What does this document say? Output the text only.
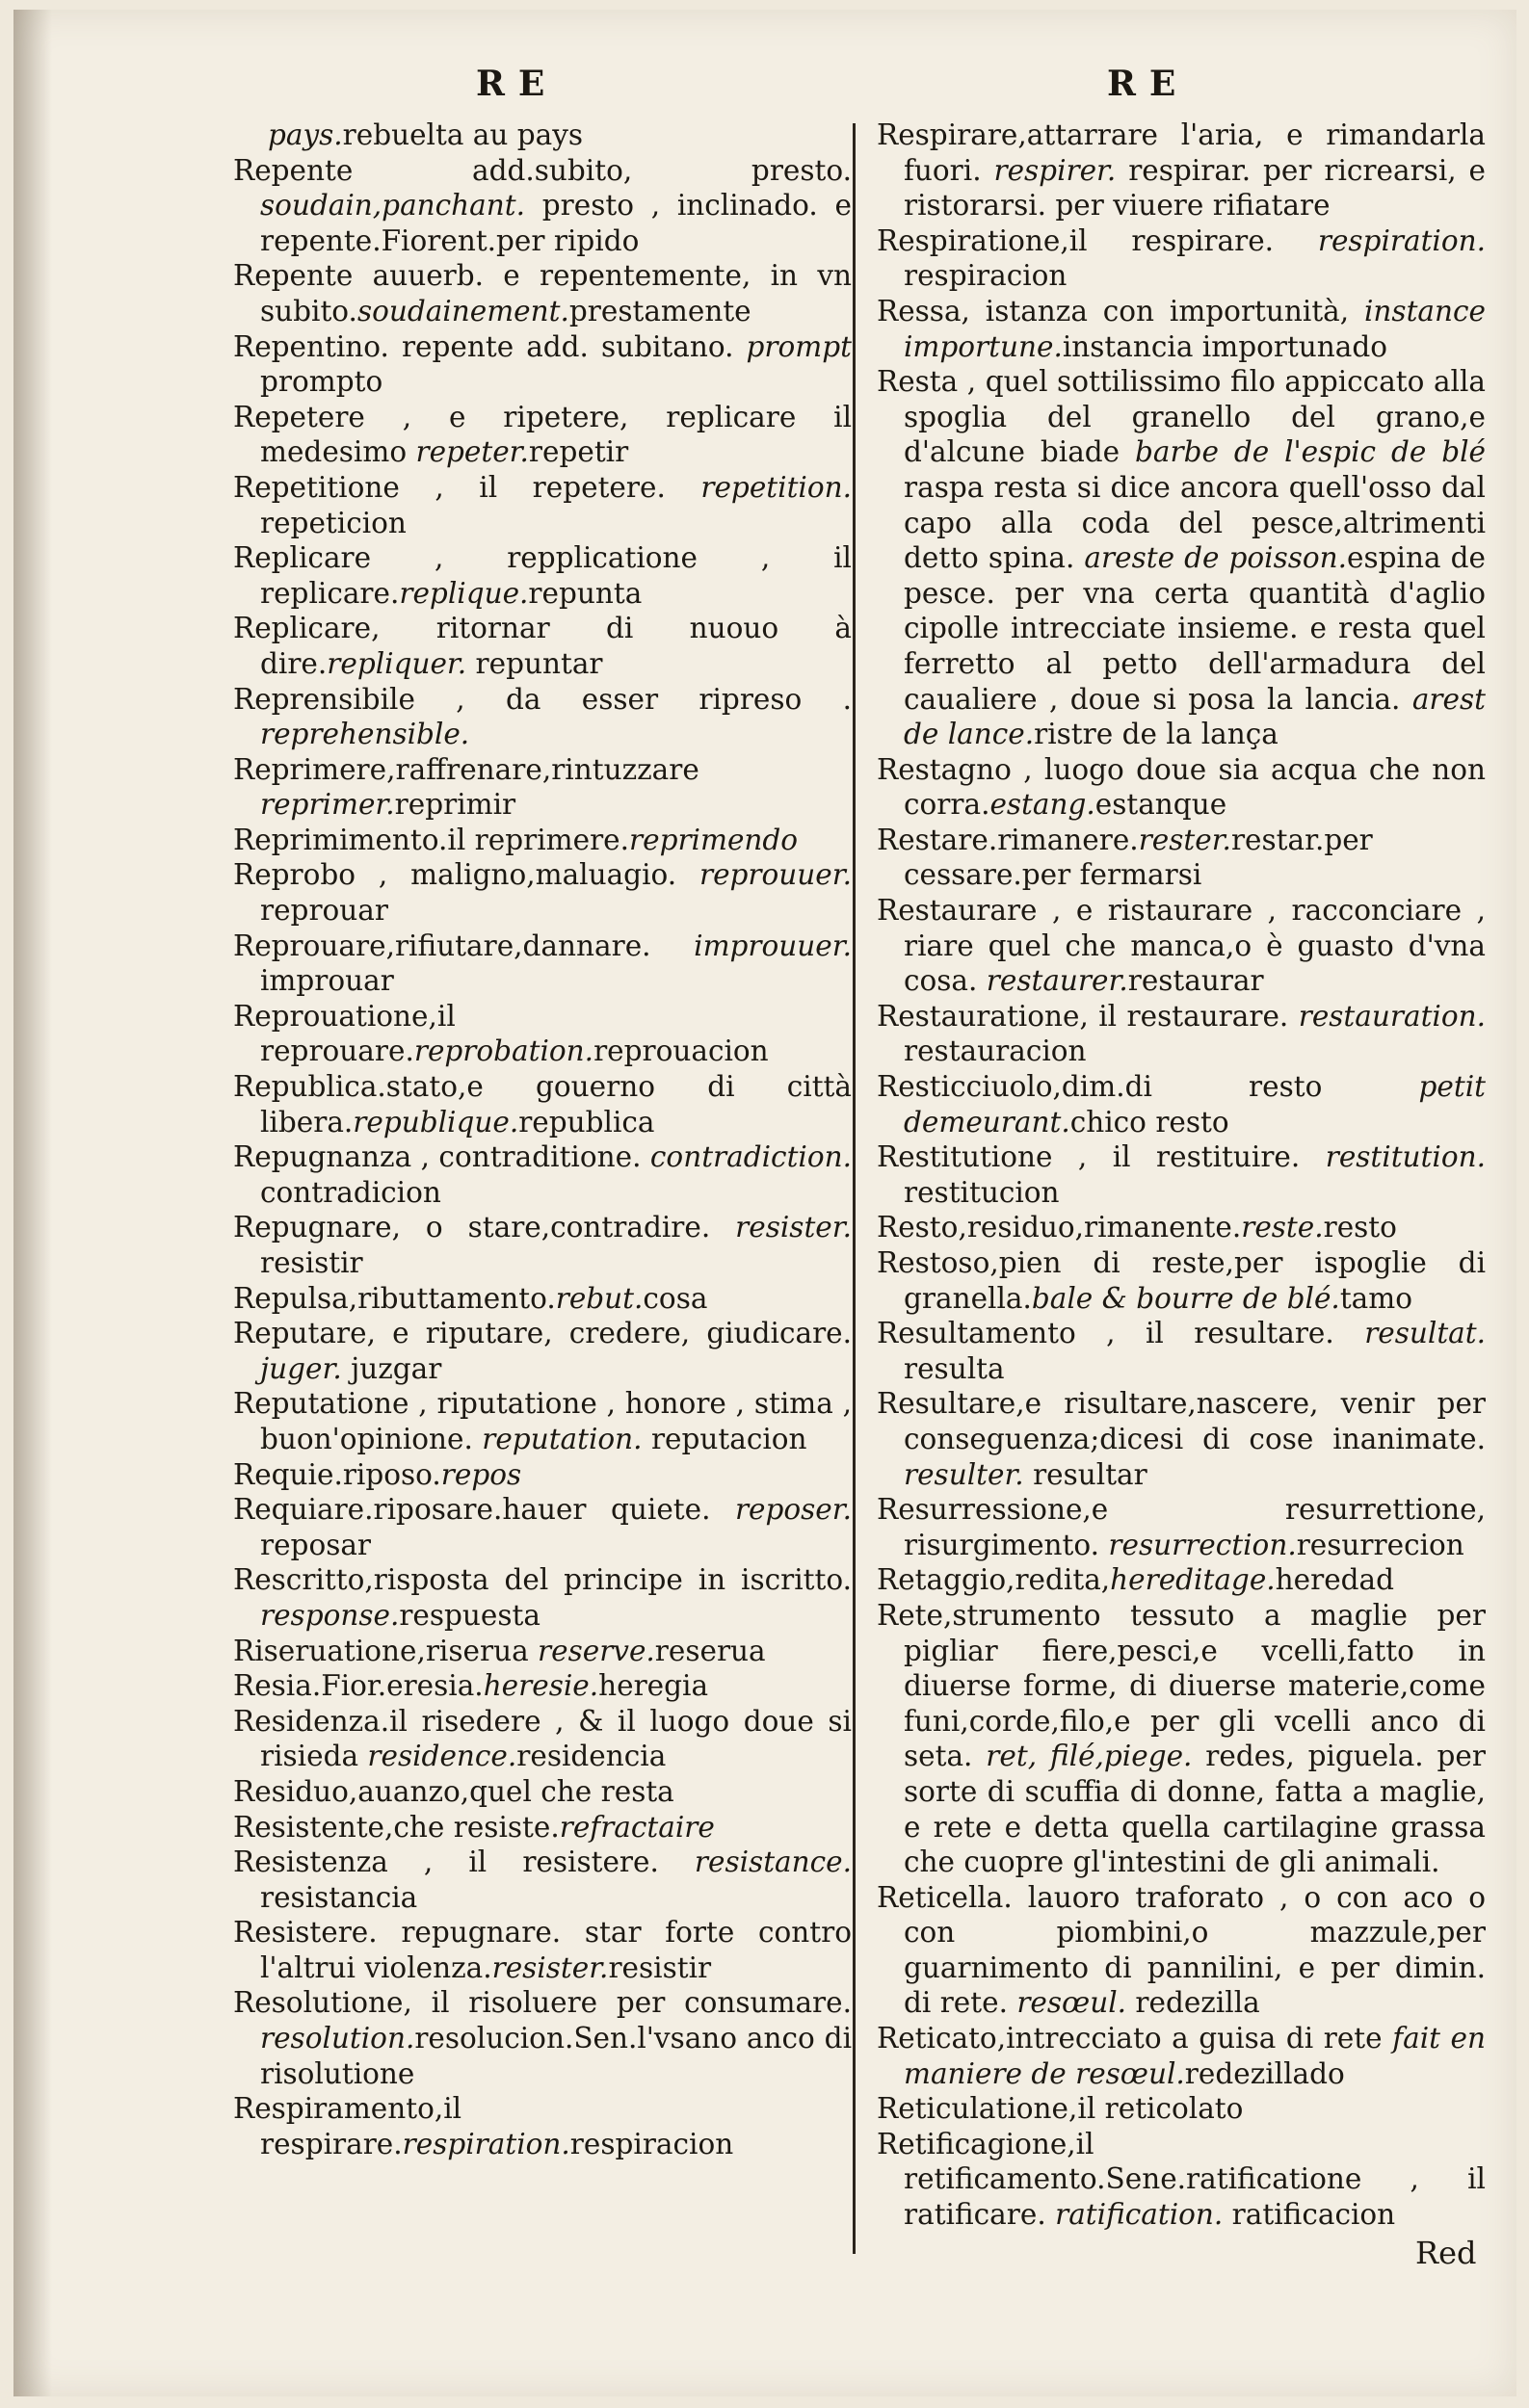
RE	RE

pays.rebuelta au pays

Repente add.subito, presto. soudain,panchant. presto , inclinado. e repente.Fiorent.per ripido

Repente auuerb. e repentemente, in vn subito.soudainement.prestamente

Repentino. repente add. subitano. prompt prompto

Repetere , e ripetere, replicare il medesimo repeter.repetir

Repetitione , il repetere. repetition. repeticion

Replicare , repplicatione , il replicare.replique.repunta

Replicare, ritornar di nuouo à dire.repliquer. repuntar

Reprensibile , da esser ripreso . reprehensible.

Reprimere,raffrenare,rintuzzare reprimer.reprimir

Reprimimento.il reprimere.reprimendo

Reprobo , maligno,maluagio. reprouuer. reprouar

Reprouare,rifiutare,dannare. improuuer. improuar

Reprouatione,il reprouare.reprobation.reprouacion

Republica.stato,e gouerno di città libera.republique.republica

Repugnanza , contraditione. contradiction. contradicion

Repugnare, o stare,contradire. resister. resistir

Repulsa,ributtamento.rebut.cosa

Reputare, e riputare, credere, giudicare. juger. juzgar

Reputatione , riputatione , honore , stima , buon'opinione. reputation. reputacion

Requie.riposo.repos

Requiare.riposare.hauer quiete. reposer. reposar

Rescritto,risposta del principe in iscritto. response.respuesta

Riseruatione,riserua reserve.reserua

Resia.Fior.eresia.heresie.heregia

Residenza.il risedere , & il luogo doue si risieda residence.residencia

Residuo,auanzo,quel che resta

Resistente,che resiste.refractaire

Resistenza , il resistere. resistance. resistancia

Resistere. repugnare. star forte contro l'altrui violenza.resister.resistir

Resolutione, il risoluere per consumare. resolution.resolucion.Sen.l'vsano anco di risolutione

Respiramento,il respirare.respiration.respiracion

Respirare,attarrare l'aria, e rimandarla fuori. respirer. respirar. per ricrearsi, e ristorarsi. per viuere rifiatare

Respiratione,il respirare. respiration. respiracion

Ressa, istanza con importunità, instance importune.instancia importunado

Resta , quel sottilissimo filo appiccato alla spoglia del granello del grano,e d'alcune biade barbe de l'espic de blé raspa resta si dice ancora quell'osso dal capo alla coda del pesce,altrimenti detto spina. areste de poisson.espina de pesce. per vna certa quantità d'aglio cipolle intrecciate insieme. e resta quel ferretto al petto dell'armadura del caualiere , doue si posa la lancia. arest de lance.ristre de la lança

Restagno , luogo doue sia acqua che non corra.estang.estanque

Restare.rimanere.rester.restar.per cessare.per fermarsi

Restaurare , e ristaurare , racconciare , riare quel che manca,o è guasto d'vna cosa. restaurer.restaurar

Restauratione, il restaurare. restauration. restauracion

Resticciuolo,dim.di resto petit demeurant.chico resto

Restitutione , il restituire. restitution. restitucion

Resto,residuo,rimanente.reste.resto

Restoso,pien di reste,per ispoglie di granella.bale & bourre de blé.tamo

Resultamento , il resultare. resultat. resulta

Resultare,e risultare,nascere, venir per conseguenza;dicesi di cose inanimate. resulter. resultar

Resurressione,e resurrettione, risurgimento. resurrection.resurrecion

Retaggio,redita,hereditage.heredad

Rete,strumento tessuto a maglie per pigliar fiere,pesci,e vcelli,fatto in diuerse forme, di diuerse materie,come funi,corde,filo,e per gli vcelli anco di seta. ret, filé,piege. redes, piguela. per sorte di scuffia di donne, fatta a maglie, e rete e detta quella cartilagine grassa che cuopre gl'intestini de gli animali.

Reticella. lauoro traforato , o con aco o con piombini,o mazzule,per guarnimento di pannilini, e per dimin. di rete. resœul. redezilla

Reticato,intrecciato a guisa di rete fait en maniere de resœul.redezillado

Reticulatione,il reticolato

Retificagione,il retificamento.Sene.ratificatione , il ratificare. ratification. ratificacion

Red
